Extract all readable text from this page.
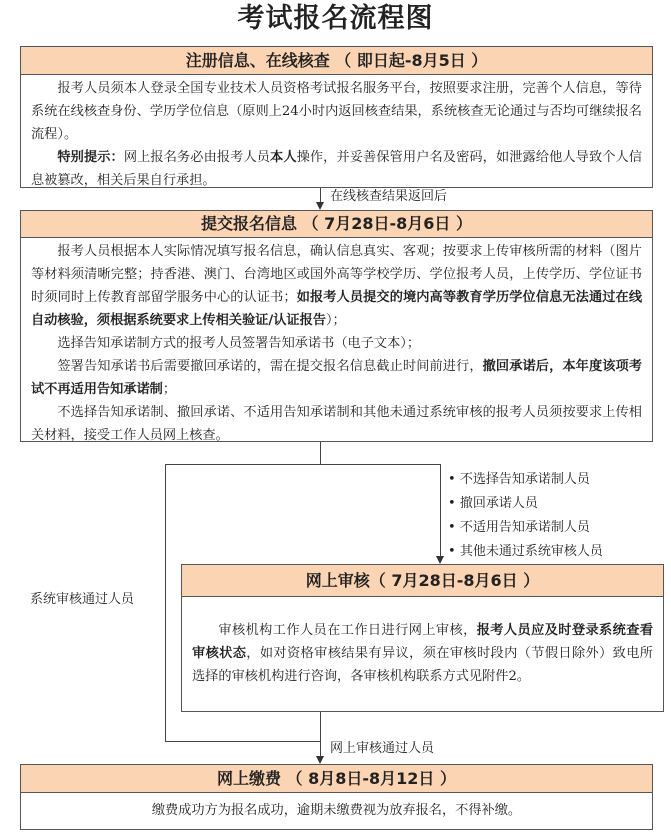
考试报名流程图
注册信息、在线核查 （ 即日起-8月5日 ）

报考人员须本人登录全国专业技术人员资格考试报名服务平台，按照要求注册，完善个人信息，等待系统在线核查身份、学历学位信息（原则上24小时内返回核查结果，系统核查无论通过与否均可继续报名流程）。

特别提示：网上报名务必由报考人员本人操作，并妥善保管用户名及密码，如泄露给他人导致个人信息被篡改，相关后果自行承担。

在线核查结果返回后
提交报名信息 （ 7月28日-8月6日 ）

报考人员根据本人实际情况填写报名信息，确认信息真实、客观；按要求上传审核所需的材料（图片等材料须清晰完整；持香港、澳门、台湾地区或国外高等学校学历、学位报考人员，上传学历、学位证书时须同时上传教育部留学服务中心的认证书；如报考人员提交的境内高等教育学历学位信息无法通过在线自动核验，须根据系统要求上传相关验证/认证报告）；

选择告知承诺制方式的报考人员签署告知承诺书（电子文本）；

签署告知承诺书后需要撤回承诺的，需在提交报名信息截止时间前进行，撤回承诺后，本年度该项考试不再适用告知承诺制；

不选择告知承诺制、撤回承诺、不适用告知承诺制和其他未通过系统审核的报考人员须按要求上传相关材料，接受工作人员网上核查。

系统审核通过人员
• 不选择告知承诺制人员
• 撤回承诺人员
• 不适用告知承诺制人员
• 其他未通过系统审核人员
网上审核（ 7月28日-8月6日 ）

审核机构工作人员在工作日进行网上审核，报考人员应及时登录系统查看审核状态，如对资格审核结果有异议，须在审核时段内（节假日除外）致电所选择的审核机构进行咨询，各审核机构联系方式见附件2。

网上审核通过人员
网上缴费 （ 8月8日-8月12日 ）
缴费成功方为报名成功，逾期未缴费视为放弃报名，不得补缴。
